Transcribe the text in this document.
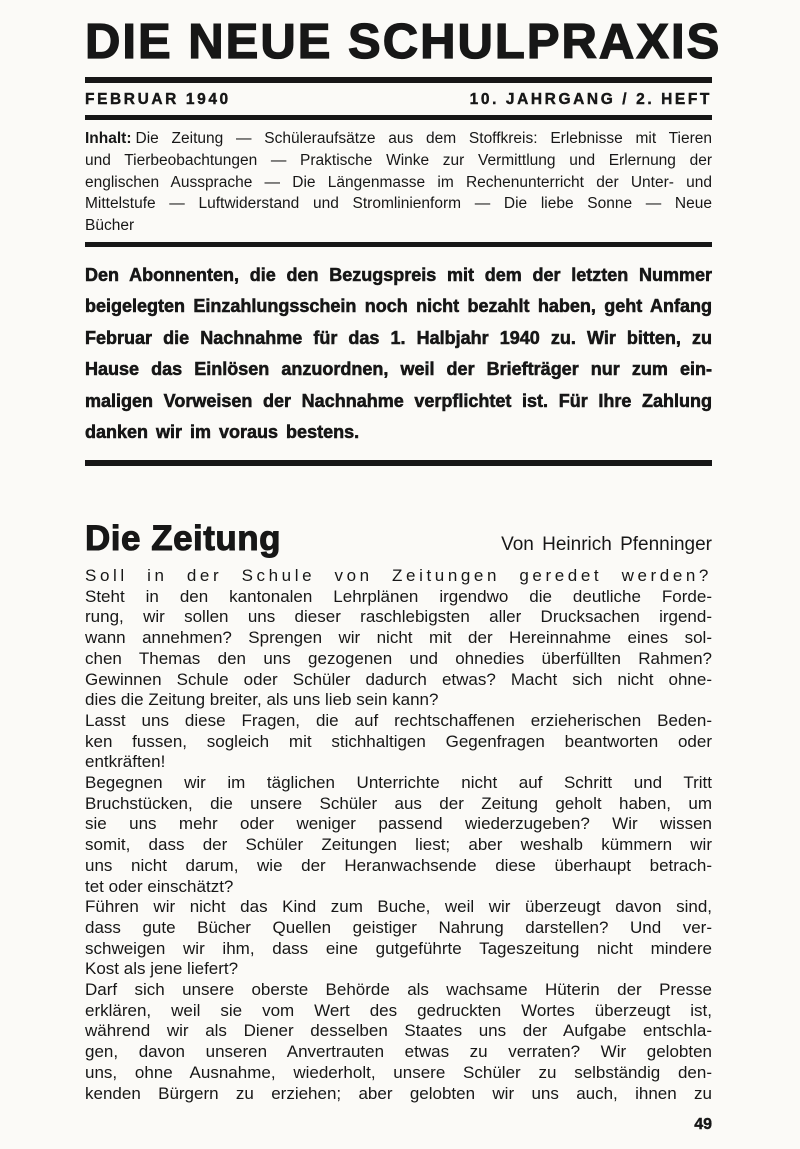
DIE NEUE SCHULPRAXIS
FEBRUAR 1940	10. JAHRGANG / 2. HEFT
Inhalt: Die Zeitung — Schüleraufsätze aus dem Stoffkreis: Erlebnisse mit Tieren
und Tierbeobachtungen — Praktische Winke zur Vermittlung und Erlernung der
englischen Aussprache — Die Längenmasse im Rechenunterricht der Unter- und
Mittelstufe — Luftwiderstand und Stromlinienform — Die liebe Sonne — Neue
Bücher
Den Abonnenten, die den Bezugspreis mit dem der letzten Nummer
beigelegten Einzahlungsschein noch nicht bezahlt haben, geht Anfang
Februar die Nachnahme für das 1. Halbjahr 1940 zu. Wir bitten, zu
Hause das Einlösen anzuordnen, weil der Briefträger nur zum ein-
maligen Vorweisen der Nachnahme verpflichtet ist. Für Ihre Zahlung
danken wir im voraus bestens.
Die Zeitung	Von Heinrich Pfenninger
Soll in der Schule von Zeitungen geredet werden?
Steht in den kantonalen Lehrplänen irgendwo die deutliche Forde-
rung, wir sollen uns dieser raschlebigsten aller Drucksachen irgend-
wann annehmen? Sprengen wir nicht mit der Hereinnahme eines sol-
chen Themas den uns gezogenen und ohnedies überfüllten Rahmen?
Gewinnen Schule oder Schüler dadurch etwas? Macht sich nicht ohne-
dies die Zeitung breiter, als uns lieb sein kann?
Lasst uns diese Fragen, die auf rechtschaffenen erzieherischen Beden-
ken fussen, sogleich mit stichhaltigen Gegenfragen beantworten oder
entkräften!
Begegnen wir im täglichen Unterrichte nicht auf Schritt und Tritt
Bruchstücken, die unsere Schüler aus der Zeitung geholt haben, um
sie uns mehr oder weniger passend wiederzugeben? Wir wissen
somit, dass der Schüler Zeitungen liest; aber weshalb kümmern wir
uns nicht darum, wie der Heranwachsende diese überhaupt betrach-
tet oder einschätzt?
Führen wir nicht das Kind zum Buche, weil wir überzeugt davon sind,
dass gute Bücher Quellen geistiger Nahrung darstellen? Und ver-
schweigen wir ihm, dass eine gutgeführte Tageszeitung nicht mindere
Kost als jene liefert?
Darf sich unsere oberste Behörde als wachsame Hüterin der Presse
erklären, weil sie vom Wert des gedruckten Wortes überzeugt ist,
während wir als Diener desselben Staates uns der Aufgabe entschla-
gen, davon unseren Anvertrauten etwas zu verraten? Wir gelobten
uns, ohne Ausnahme, wiederholt, unsere Schüler zu selbständig den-
kenden Bürgern zu erziehen; aber gelobten wir uns auch, ihnen zu
49
